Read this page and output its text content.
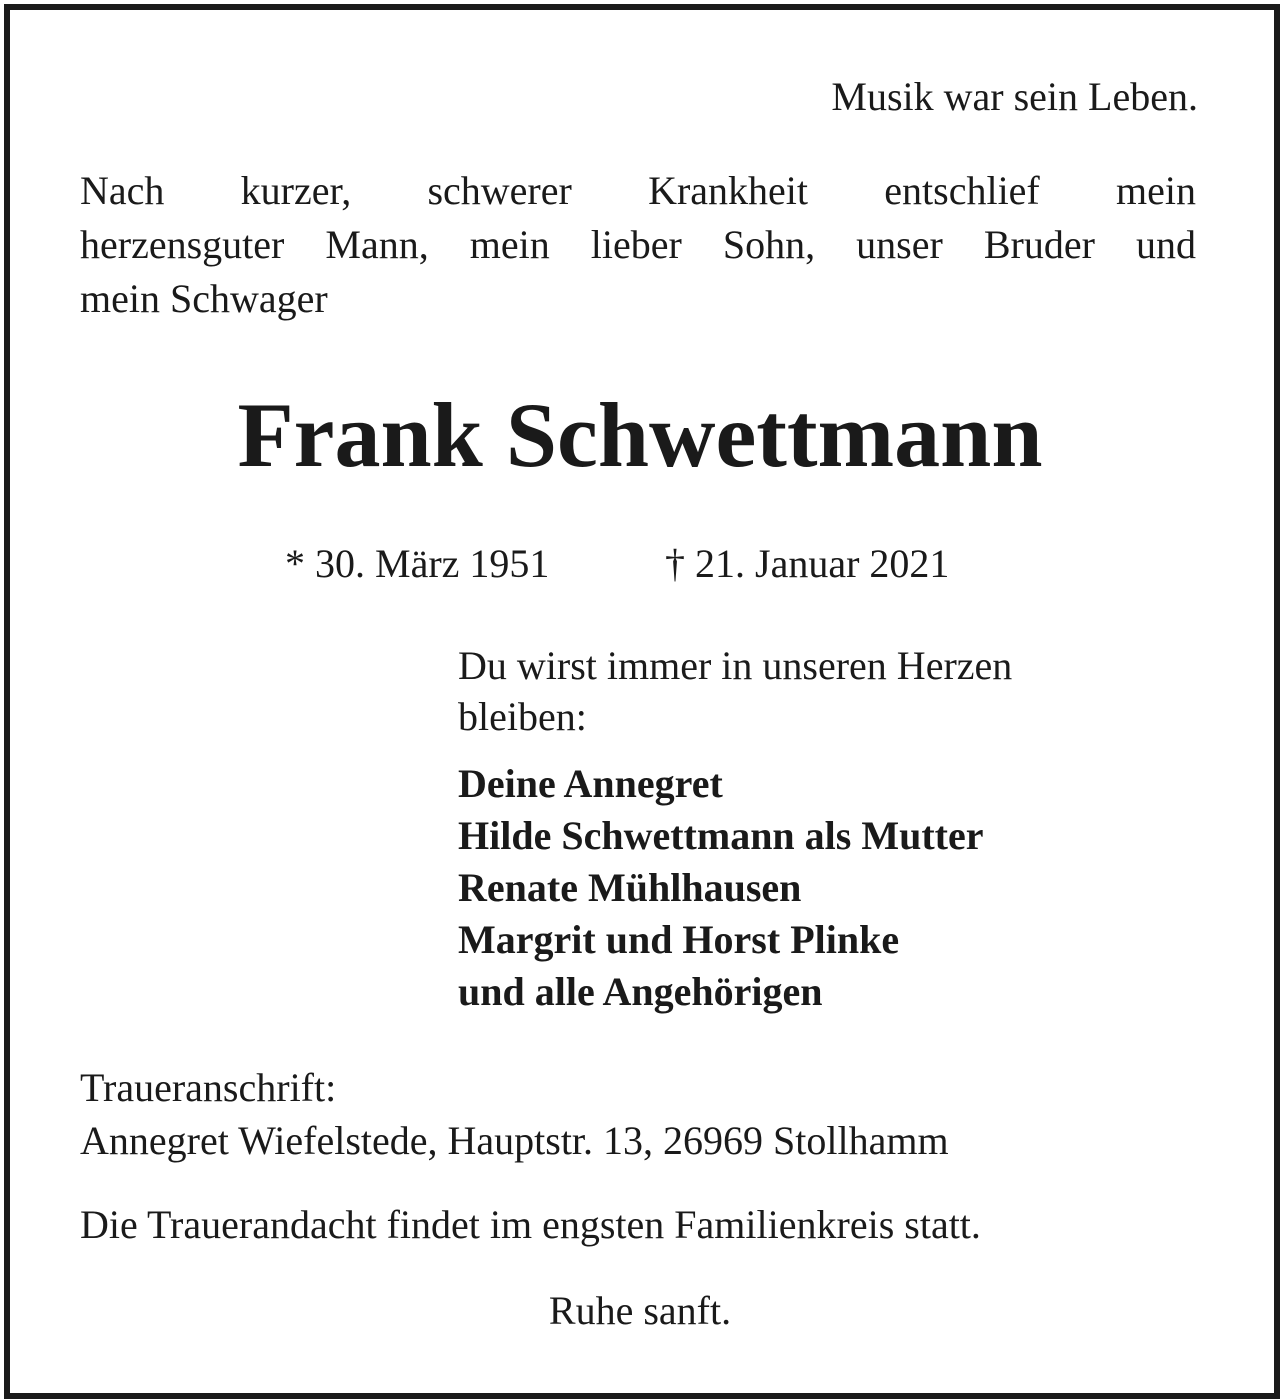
Musik war sein Leben.

Nach kurzer, schwerer Krankheit entschlief mein
herzensguter Mann, mein lieber Sohn, unser Bruder und
mein Schwager
Frank Schwettmann

* 30. März 1951	† 21. Januar 2021

Du wirst immer in unseren Herzen
bleiben:
Deine Annegret
Hilde Schwettmann als Mutter
Renate Mühlhausen
Margrit und Horst Plinke
und alle Angehörigen

Traueranschrift:

Annegret Wiefelstede, Hauptstr. 13, 26969 Stollhamm

Die Trauerandacht findet im engsten Familienkreis statt.

Ruhe sanft.
